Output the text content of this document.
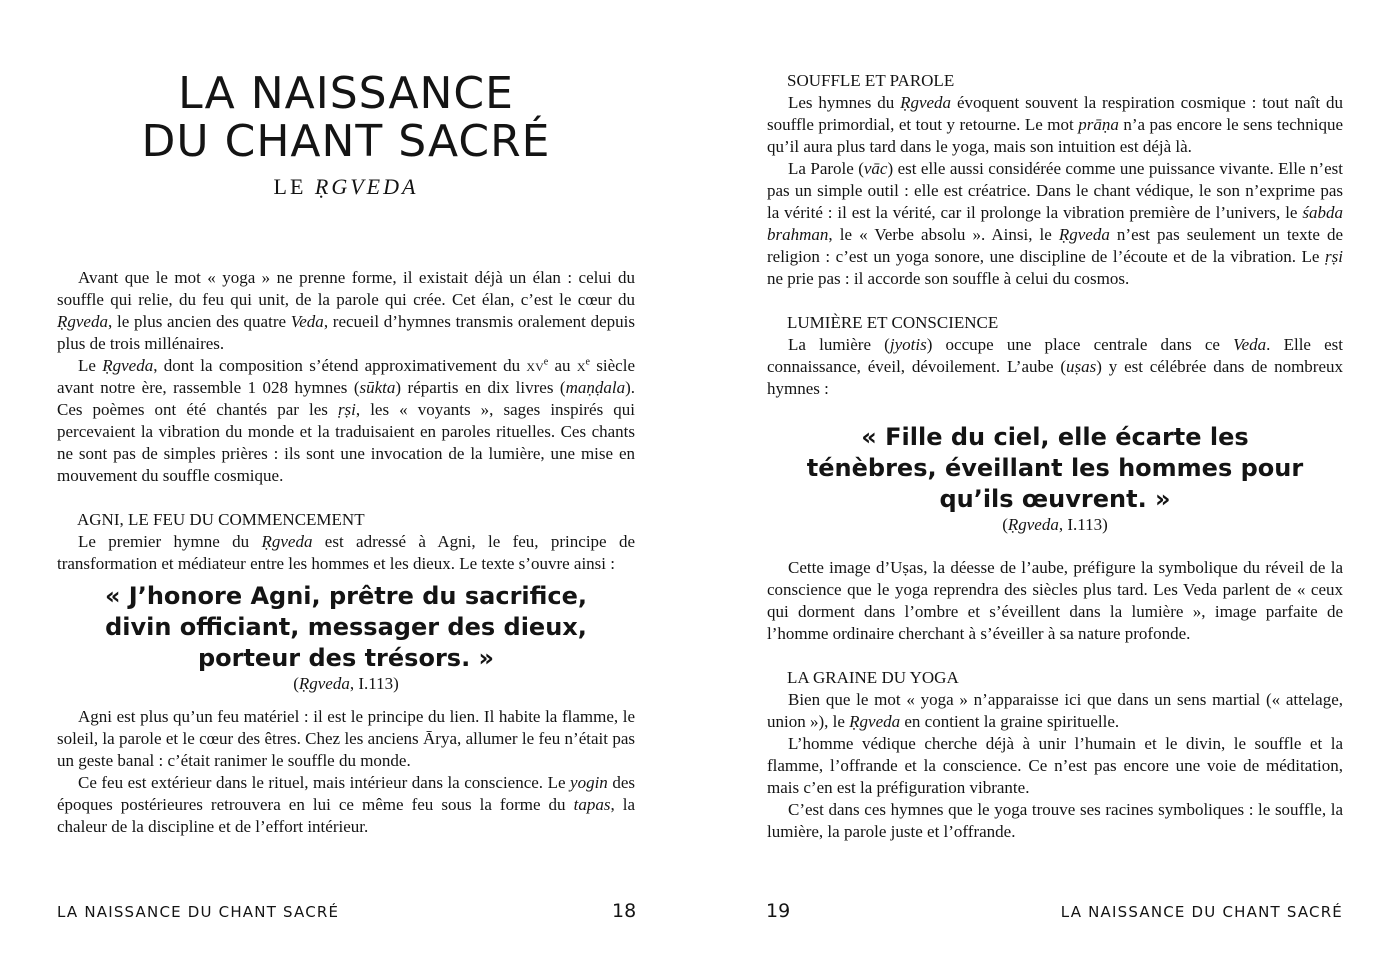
LA NAISSANCE
DU CHANT SACRÉ
LE ṚGVEDA

Avant que le mot « yoga » ne prenne forme, il existait déjà un élan : celui du souffle qui relie, du feu qui unit, de la parole qui crée. Cet élan, c’est le cœur du Ṛgveda, le plus ancien des quatre Veda, recueil d’hymnes transmis oralement depuis plus de trois millénaires.

Le Ṛgveda, dont la composition s’étend approximativement du $xv^e$ au $x^e$ siècle avant notre ère, rassemble 1 028 hymnes (sūkta) répartis en dix livres (maṇḍala). Ces poèmes ont été chantés par les ṛṣi, les « voyants », sages inspirés qui percevaient la vibration du monde et la traduisaient en paroles rituelles. Ces chants ne sont pas de simples prières : ils sont une invocation de la lumière, une mise en mouvement du souffle cosmique.

AGNI, LE FEU DU COMMENCEMENT

Le premier hymne du Ṛgveda est adressé à Agni, le feu, principe de transformation et médiateur entre les hommes et les dieux. Le texte s’ouvre ainsi :

« J’honore Agni, prêtre du sacrifice,

divin officiant, messager des dieux,

porteur des trésors. »

(Ṛgveda, I.113)

Agni est plus qu’un feu matériel : il est le principe du lien. Il habite la flamme, le soleil, la parole et le cœur des êtres. Chez les anciens Ārya, allumer le feu n’était pas un geste banal : c’était ranimer le souffle du monde.

Ce feu est extérieur dans le rituel, mais intérieur dans la conscience. Le yogin des époques postérieures retrouvera en lui ce même feu sous la forme du tapas, la chaleur de la discipline et de l’effort intérieur.

LA NAISSANCE DU CHANT SACRÉ	18

SOUFFLE ET PAROLE

Les hymnes du Ṛgveda évoquent souvent la respiration cosmique : tout naît du souffle primordial, et tout y retourne. Le mot prāṇa n’a pas encore le sens technique qu’il aura plus tard dans le yoga, mais son intuition est déjà là.

La Parole (vāc) est elle aussi considérée comme une puissance vivante. Elle n’est pas un simple outil : elle est créatrice. Dans le chant védique, le son n’exprime pas la vérité : il est la vérité, car il prolonge la vibration première de l’univers, le śabda brahman, le « Verbe absolu ». Ainsi, le Ṛgveda n’est pas seulement un texte de religion : c’est un yoga sonore, une discipline de l’écoute et de la vibration. Le ṛṣi ne prie pas : il accorde son souffle à celui du cosmos.

LUMIÈRE ET CONSCIENCE

La lumière (jyotis) occupe une place centrale dans ce Veda. Elle est connaissance, éveil, dévoilement. L’aube (uṣas) y est célébrée dans de nombreux hymnes :

« Fille du ciel, elle écarte les

ténèbres, éveillant les hommes pour

qu’ils œuvrent. »

(Ṛgveda, I.113)

Cette image d’Uṣas, la déesse de l’aube, préfigure la symbolique du réveil de la conscience que le yoga reprendra des siècles plus tard. Les Veda parlent de « ceux qui dorment dans l’ombre et s’éveillent dans la lumière », image parfaite de l’homme ordinaire cherchant à s’éveiller à sa nature profonde.

LA GRAINE DU YOGA

Bien que le mot « yoga » n’apparaisse ici que dans un sens martial (« attelage, union »), le Ṛgveda en contient la graine spirituelle.

L’homme védique cherche déjà à unir l’humain et le divin, le souffle et la flamme, l’offrande et la conscience. Ce n’est pas encore une voie de méditation, mais c’en est la préfiguration vibrante.

C’est dans ces hymnes que le yoga trouve ses racines symboliques : le souffle, la lumière, la parole juste et l’offrande.

19	LA NAISSANCE DU CHANT SACRÉ
